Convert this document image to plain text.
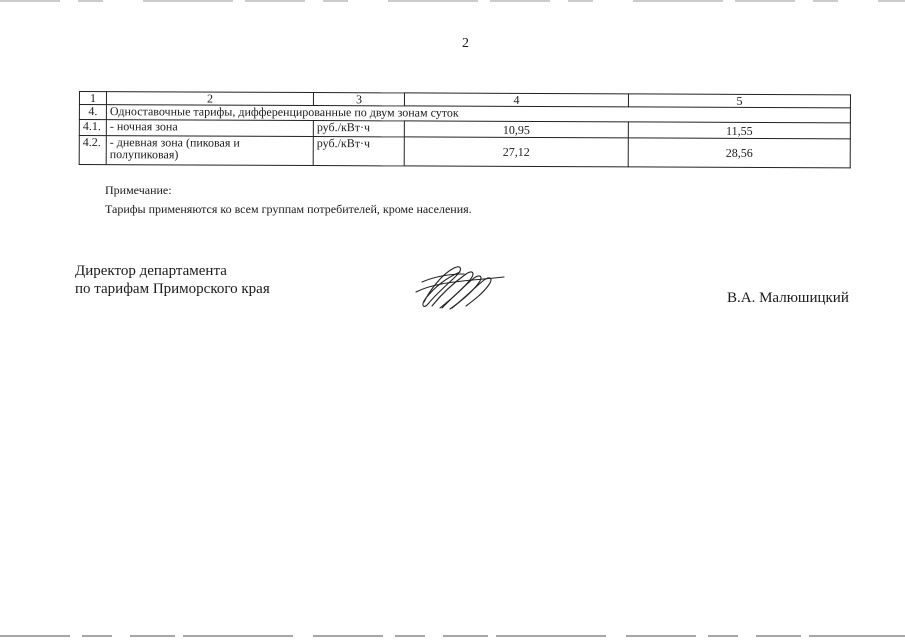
2
1	2	3	4	5
4.	Одноставочные тарифы, дифференцированные по двум зонам суток			
4.1.	- ночная зона	руб./кВт·ч	10,95	11,55
4.2.	- дневная зона (пиковая и полупиковая)	руб./кВт·ч	27,12	28,56
Примечание:
Тарифы применяются ко всем группам потребителей, кроме населения.
Директор департамента
по тарифам Приморского края
В.А. Малюшицкий
